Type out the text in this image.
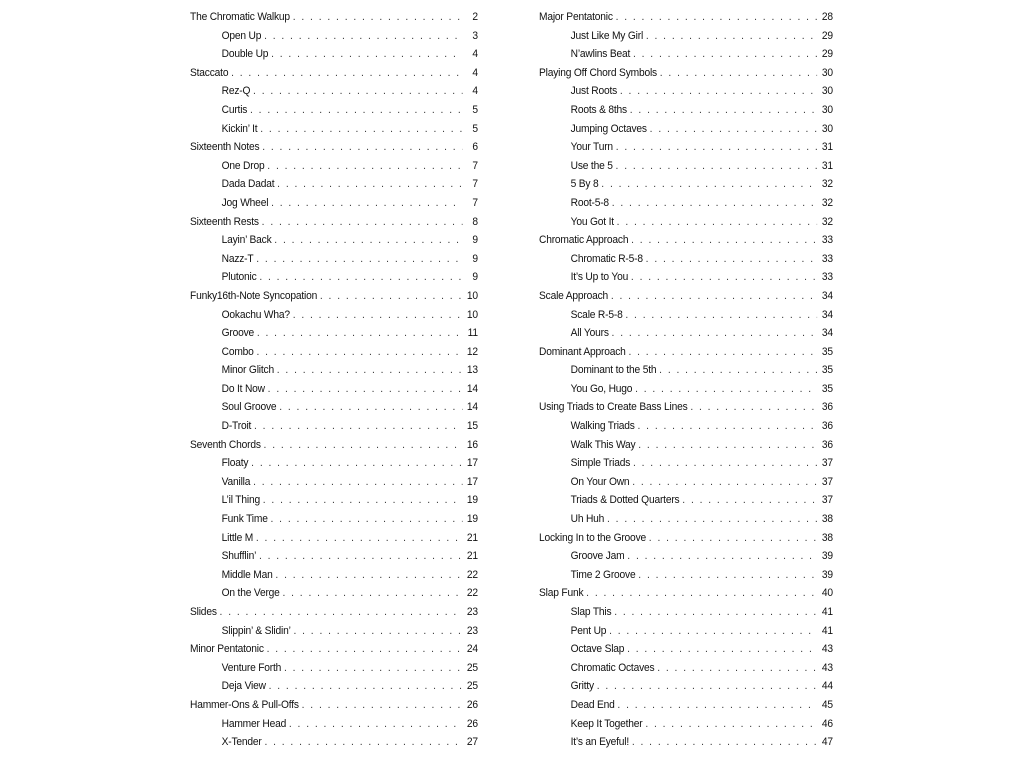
The Chromatic Walkup . . .	2
Open Up . . .	3
Double Up . . .	4
Staccato . . .	4
Rez-Q . . .	4
Curtis . . .	5
Kickin’ It . . .	5
Sixteenth Notes . . .	6
One Drop . . .	7
Dada Dadat . . .	7
Jog Wheel . . .	7
Sixteenth Rests . . .	8
Layin’ Back . . .	9
Nazz-T . . .	9
Plutonic . . .	9
Funky16th-Note Syncopation . . .	10
Ookachu Wha? . . .	10
Groove . . .	11
Combo . . .	12
Minor Glitch . . .	13
Do It Now . . .	14
Soul Groove . . .	14
D-Troit . . .	15
Seventh Chords . . .	16
Floaty . . .	17
Vanilla . . .	17
L’il Thing . . .	19
Funk Time . . .	19
Little M . . .	21
Shufflin’ . . .	21
Middle Man . . .	22
On the Verge . . .	22
Slides . . .	23
Slippin’ & Slidin’ . . .	23
Minor Pentatonic . . .	24
Venture Forth . . .	25
Deja View . . .	25
Hammer-Ons & Pull-Offs . . .	26
Hammer Head . . .	26
X-Tender . . .	27
Major Pentatonic . . .	28
Just Like My Girl . . .	29
N’awlins Beat . . .	29
Playing Off Chord Symbols . . .	30
Just Roots . . .	30
Roots & 8ths . . .	30
Jumping Octaves . . .	30
Your Turn . . .	31
Use the 5 . . .	31
5 By 8 . . .	32
Root-5-8 . . .	32
You Got It . . .	32
Chromatic Approach . . .	33
Chromatic R-5-8 . . .	33
It’s Up to You . . .	33
Scale Approach . . .	34
Scale R-5-8 . . .	34
All Yours . . .	34
Dominant Approach . . .	35
Dominant to the 5th . . .	35
You Go, Hugo . . .	35
Using Triads to Create Bass Lines . . .	36
Walking Triads . . .	36
Walk This Way . . .	36
Simple Triads . . .	37
On Your Own . . .	37
Triads & Dotted Quarters . . .	37
Uh Huh . . .	38
Locking In to the Groove . . .	38
Groove Jam . . .	39
Time 2 Groove . . .	39
Slap Funk . . .	40
Slap This . . .	41
Pent Up . . .	41
Octave Slap . . .	43
Chromatic Octaves . . .	43
Gritty . . .	44
Dead End . . .	45
Keep It Together . . .	46
It’s an Eyeful! . . .	47
